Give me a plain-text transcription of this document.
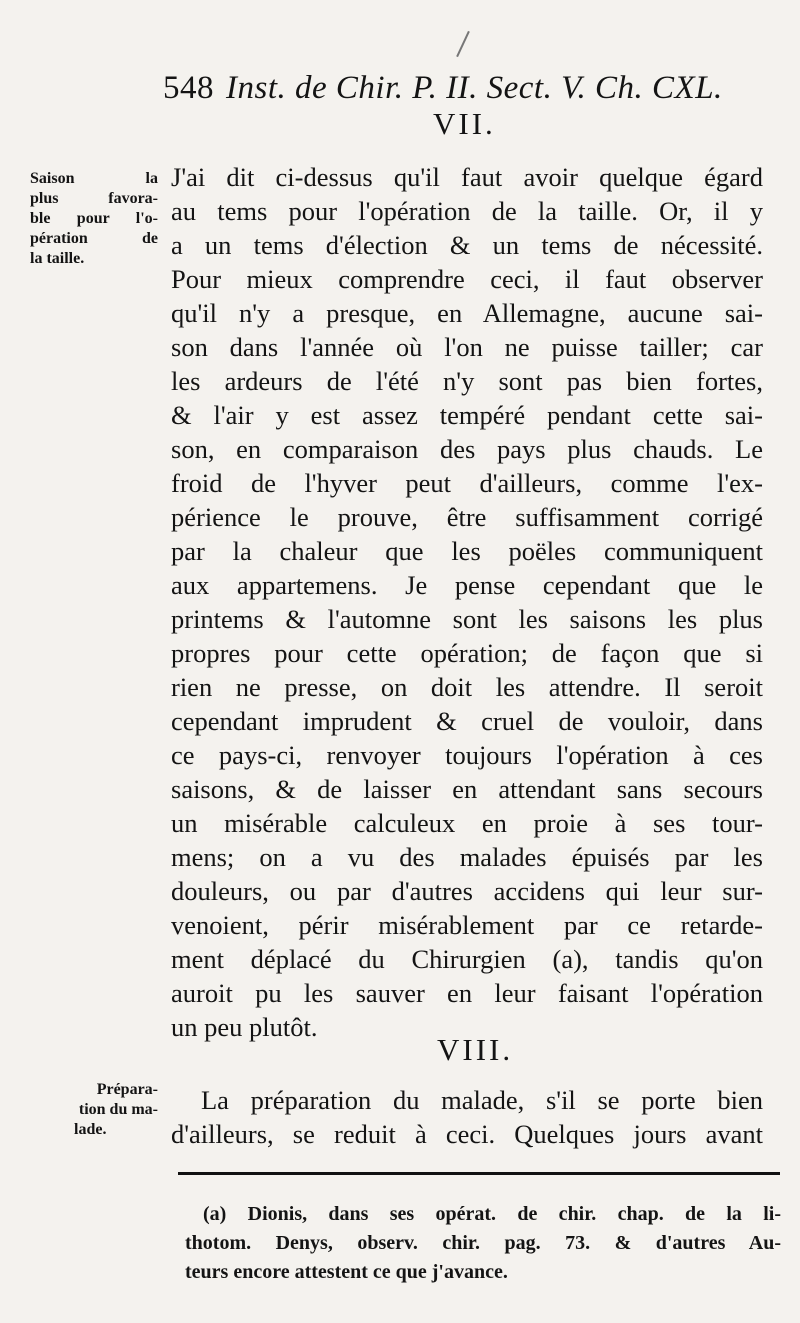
548 Inst. de Chir. P. II. Sect. V. Ch. CXL.
VII.
Saison la
plus favora-
ble pour l'o-
pération de
la taille.
J'ai dit ci-dessus qu'il faut avoir quelque égard
au tems pour l'opération de la taille. Or, il y
a un tems d'élection & un tems de nécessité.
Pour mieux comprendre ceci, il faut observer
qu'il n'y a presque, en Allemagne, aucune sai-
son dans l'année où l'on ne puisse tailler; car
les ardeurs de l'été n'y sont pas bien fortes,
& l'air y est assez tempéré pendant cette sai-
son, en comparaison des pays plus chauds. Le
froid de l'hyver peut d'ailleurs, comme l'ex-
périence le prouve, être suffisamment corrigé
par la chaleur que les poëles communiquent
aux appartemens. Je pense cependant que le
printems & l'automne sont les saisons les plus
propres pour cette opération; de façon que si
rien ne presse, on doit les attendre. Il seroit
cependant imprudent & cruel de vouloir, dans
ce pays-ci, renvoyer toujours l'opération à ces
saisons, & de laisser en attendant sans secours
un misérable calculeux en proie à ses tour-
mens; on a vu des malades épuisés par les
douleurs, ou par d'autres accidens qui leur sur-
venoient, périr misérablement par ce retarde-
ment déplacé du Chirurgien (a), tandis qu'on
auroit pu les sauver en leur faisant l'opération
un peu plutôt.
VIII.
Prépara-
tion du ma-
lade.
La préparation du malade, s'il se porte bien
d'ailleurs, se reduit à ceci. Quelques jours avant
(a) Dionis, dans ses opérat. de chir. chap. de la li-
thotom. Denys, observ. chir. pag. 73. & d'autres Au-
teurs encore attestent ce que j'avance.
